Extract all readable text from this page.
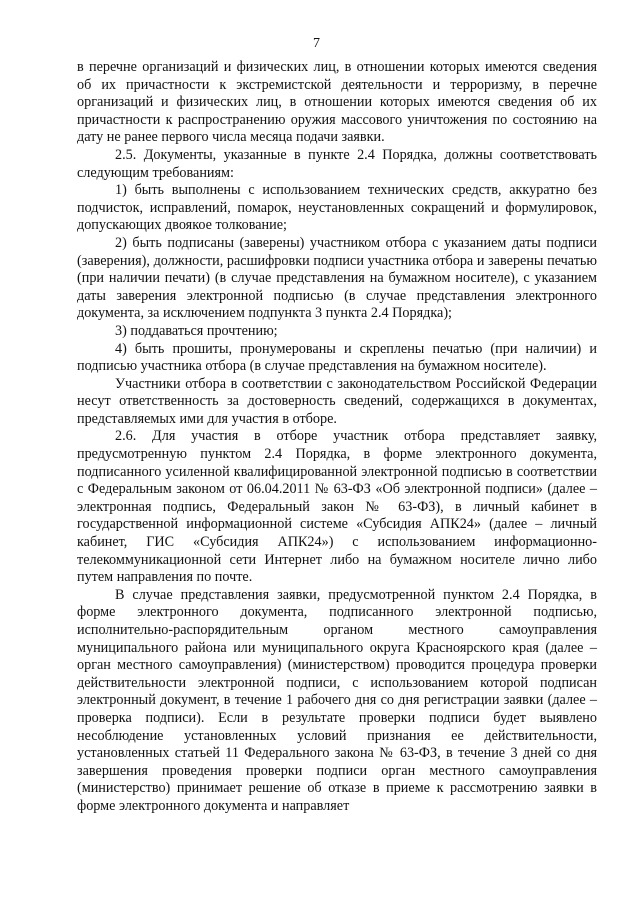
7

в перечне организаций и физических лиц, в отношении которых имеются сведения об их причастности к экстремистской деятельности и терроризму, в перечне организаций и физических лиц, в отношении которых имеются сведения об их причастности к распространению оружия массового уничтожения по состоянию на дату не ранее первого числа месяца подачи заявки.

2.5. Документы, указанные в пункте 2.4 Порядка, должны соответствовать следующим требованиям:

1) быть выполнены с использованием технических средств, аккуратно без подчисток, исправлений, помарок, неустановленных сокращений и формулировок, допускающих двоякое толкование;

2) быть подписаны (заверены) участником отбора с указанием даты подписи (заверения), должности, расшифровки подписи участника отбора и заверены печатью (при наличии печати) (в случае представления на бумажном носителе), с указанием даты заверения электронной подписью (в случае представления электронного документа, за исключением подпункта 3 пункта 2.4 Порядка);

3) поддаваться прочтению;

4) быть прошиты, пронумерованы и скреплены печатью (при наличии) и подписью участника отбора (в случае представления на бумажном носителе).

Участники отбора в соответствии с законодательством Российской Федерации несут ответственность за достоверность сведений, содержащихся в документах, представляемых ими для участия в отборе.

2.6. Для участия в отборе участник отбора представляет заявку, предусмотренную пунктом 2.4 Порядка, в форме электронного документа, подписанного усиленной квалифицированной электронной подписью в соответствии с Федеральным законом от 06.04.2011 № 63-ФЗ «Об электронной подписи» (далее – электронная подпись, Федеральный закон № 63-ФЗ), в личный кабинет в государственной информационной системе «Субсидия АПК24» (далее – личный кабинет, ГИС «Субсидия АПК24») с использованием информационно-телекоммуникационной сети Интернет либо на бумажном носителе лично либо путем направления по почте.

В случае представления заявки, предусмотренной пунктом 2.4 Порядка, в форме электронного документа, подписанного электронной подписью, исполнительно-распорядительным органом местного самоуправления муниципального района или муниципального округа Красноярского края (далее – орган местного самоуправления) (министерством) проводится процедура проверки действительности электронной подписи, с использованием которой подписан электронный документ, в течение 1 рабочего дня со дня регистрации заявки (далее – проверка подписи). Если в результате проверки подписи будет выявлено несоблюдение установленных условий признания ее действительности, установленных статьей 11 Федерального закона № 63-ФЗ, в течение 3 дней со дня завершения проведения проверки подписи орган местного самоуправления (министерство) принимает решение об отказе в приеме к рассмотрению заявки в форме электронного документа и направляет
